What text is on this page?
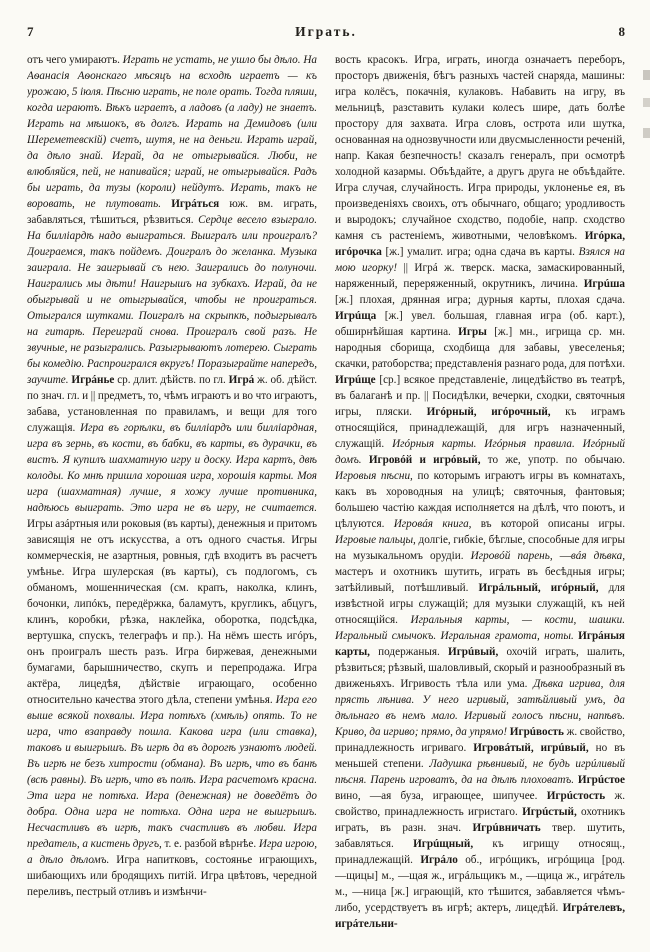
7	Играть.	8
отъ чего умираютъ. Играть не устать, не ушло бы дѣло. На Аѳанасія Аѳонскаго мѣсяцъ на всходѣ играетъ — къ урожаю, 5 іюля. Пѣсню играть, не поле орать. Тогда пляши, когда играютъ. Вѣкъ играетъ, а ладовъ (а ладу) не знаетъ. Играть на мѣшокъ, въ долгъ. Играть на Демидовъ (или Шереметевскій) счетъ, шутя, не на деньги. Играть играй, да дѣло знай. Играй, да не отыгрывайся. Люби, не влюбляйся, пей, не напивайся; играй, не отыгрывайся. Радъ бы играть, да тузы (короли) нейдутъ. Играть, такъ не воровать, не плутовать. Игрáться юж. вм. играть, забавляться, тѣшиться, рѣзвиться. Сердце весело взыграло. На билліардѣ надо выиграться. Выигралъ или проигралъ? Доиграемся, такъ пойдемъ. Доигралъ до желанка. Музыка заиграла. Не заигрывай съ нею. Заигрались до полуночи. Наигрались мы дѣти! Наигрышъ на зубкахъ. Играй, да не обыгрывай и не отыгрывайся, чтобы не проиграться. Отыгрался шутками. Поигралъ на скрыпкѣ, подыгрывалъ на гитарѣ. Переиграй снова. Проигралъ свой разъ. Не звучные, не разыгрались. Разыгрываютъ лотерею. Сыграть бы комедію. Распроигрался вкругъ! Поразыграйте напередъ, заучите. Игрáнье ср. длит. дѣйств. по гл. Игрá ж. об. дѣйст. по знач. гл. и || предметъ, то, чѣмъ играютъ и во что играютъ, забава, установленная по правиламъ, и вещи для того служащія. Игра въ горѣлки, въ билліардъ или билліардная, игра въ зернь, въ кости, въ бабки, въ карты, въ дурачки, въ вистъ. Я купилъ шахматную игру и доску. Игра картъ, двѣ колоды. Ко мнѣ пришла хорошая игра, хорошія карты. Моя игра (шахматная) лучше, я хожу лучше противника, надѣюсь выиграть. Это игра не въ игру, не считается. Игры азáртныя или роковыя (въ карты), денежныя и притомъ зависящія не отъ искусства, а отъ одного счастья. Игры коммерческія, не азартныя, ровныя, гдѣ входитъ въ расчетъ умѣнье. Игра шулерская (въ карты), съ подлогомъ, съ обманомъ, мошенническая (см. крапъ, наколка, клинъ, бочонки, липóкъ, передёржка, баламутъ, кругликъ, абцугъ, клинъ, коробки, рѣзка, наклейка, оборотка, подсѣдка, вертушка, спускъ, телеграфъ и пр.). На нёмъ шесть игóръ, онъ проигралъ шесть разъ. Игра биржевая, денежными бумагами, барышничество, скупъ и перепродажа. Игра актёра, лицедѣя, дѣйствіе играющаго, особенно относительно качества этого дѣла, степени умѣнья. Игра его выше всякой похвалы. Игра потѣхъ (хмѣль) опять. То не игра, что взаправду пошла. Какова игра (или ставка), таковъ и выигрышъ. Въ игрѣ да въ дорогѣ узнаютъ людей. Въ игрѣ не безъ хитрости (обмана). Въ игрѣ, что въ банѣ (всѣ равны). Въ игрѣ, что въ полѣ. Игра расчетомъ красна. Эта игра не потѣха. Игра (денежная) не доведётъ до добра. Одна игра не потѣха. Одна игра не выигрышъ. Несчастливъ въ игрѣ, такъ счастливъ въ любви. Игра предатель, а кистень другъ, т. е. разбой вѣрнѣе. Игра игрою, а дѣло дѣломъ. Игра напитковъ, состоянье играющихъ, шибающихъ или бродящихъ питій. Игра цвѣтовъ, чередной переливъ, пестрый отливъ и измѣнчи-
вость красокъ. Игра, играть, иногда означаетъ переборъ, просторъ движенія, бѣгъ разныхъ частей снаряда, машины: игра колёсъ, покачнія, кулаковъ. Набавить на игру, въ мельницѣ, разставить кулаки колесъ шире, дать болѣе простору для захвата. Игра словъ, острота или шутка, основанная на однозвучности или двусмысленности реченій, напр. Какая безпечность! сказалъ генералъ, при осмотрѣ холодной казармы. Объѣдайте, а другъ друга не объѣдайте. Игра случая, случайность. Игра природы, уклоненье ея, въ произведеніяхъ своихъ, отъ обычнаго, общаго; уродливость и выродокъ; случайное сходство, подобіе, напр. сходство камня съ растеніемъ, животными, человѣкомъ. Игóрка, игóрочка [ж.] умалит. игра; одна сдача въ карты. Взялся на мою игорку! || Игрá ж. тверск. маска, замаскированный, наряженный, переряженный, окрутникъ, личина. Игрúша [ж.] плохая, дрянная игра; дурныя карты, плохая сдача. Игрúща [ж.] увел. большая, главная игра (об. карт.), обширнѣйшая картина. Игры [ж.] мн., игрища ср. мн. народныя сборища, сходбища для забавы, увеселенья; скачки, ратоборства; представленія разнаго рода, для потѣхи. Игрúще [ср.] всякое представленіе, лицедѣйство въ театрѣ, въ балаганѣ и пр. || Посидѣлки, вечерки, сходки, святочныя игры, пляски. Игóрный, игóрочный, къ играмъ относящійся, принадлежащій, для игръ назначенный, служащій. Игóрныя карты. Игóрныя правила. Игóрный домъ. Игровóй и игрóвый, то же, употр. по обычаю. Игровыя пѣсни, по которымъ играютъ игры въ комнатахъ, какъ въ хороводныя на улицѣ; святочныя, фантовыя; большею частію каждая исполняется на дѣлѣ, что поютъ, и цѣлуются. Игровáя книга, въ которой описаны игры. Игровые пальцы, долгіе, гибкіе, бѣглые, способные для игры на музыкальномъ орудіи. Игровóй парень, ―вáя дѣвка, мастеръ и охотникъ шутить, играть въ бесѣдныя игры; затѣйливый, потѣшливый. Игрáльный, игóрный, для извѣстной игры служащій; для музыки служащій, къ ней относящійся. Игральныя карты, — кости, шашки. Игральный смычокъ. Игральная грамота, ноты. Игрáныя карты, подержаныя. Игрúвый, охочій играть, шалить, рѣзвиться; рѣзвый, шаловливый, скорый и разнообразный въ движеньяхъ. Игривость тѣла или ума. Дѣвка игрива, для прясть лѣнива. У него игривый, затѣйливый умъ, да дѣльнаго въ немъ мало. Игривый голосъ пѣсни, напѣвъ. Криво, да игриво; прямо, да упрямо! Игрúвость ж. свойство, принадлежность игриваго. Игровáтый, игрúвый, но въ меньшей степени. Ладушка рѣвнивый, не будь игрúливый пѣсня. Парень игроватъ, да на дѣлѣ плоховатъ. Игрúстое вино, ―ая буза, играющее, шипучее. Игрúстость ж. свойство, принадлежность игристаго. Игрúстый, охотникъ играть, въ разн. знач. Игрúвничать твер. шутить, забавляться. Игрúщный, къ игрищу относящ., принадлежащій. Игрáло об., игрóщикъ, игрóщица [род. ―щицы] м., ―щая ж., игрáльщикъ м., ―щица ж., игрáтель м., ―ница [ж.] играющій, кто тѣшится, забавляется чѣмъ-либо, усердствуетъ въ игрѣ; актеръ, лицедѣй. Игрáтелевъ, игрáтельни-
